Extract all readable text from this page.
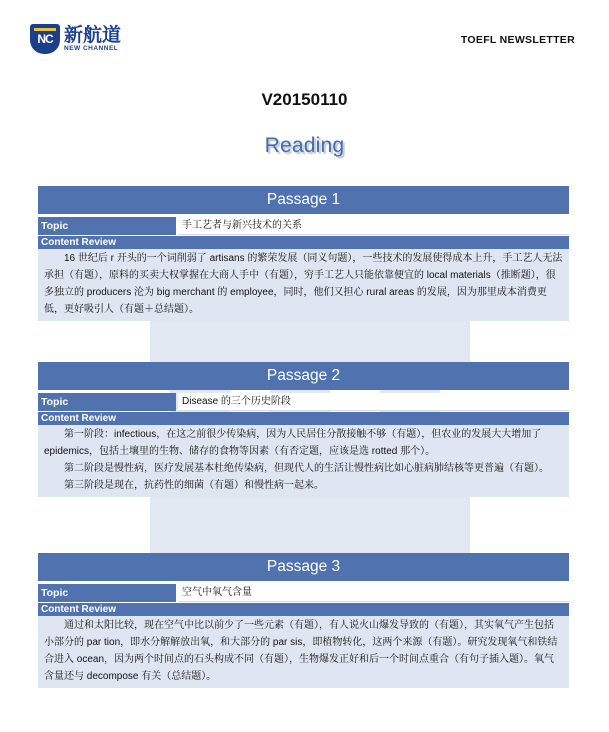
NC 新航道
NEW CHANNEL
TOEFL NEWSLETTER
V20150110
Reading
Passage 1
Topic	手工艺者与新兴技术的关系
Content Review

16 世纪后 r 开头的一个词削弱了 artisans 的繁荣发展（同义句题），一些技术的发展使得成本上升，手工艺人无法承担（有题），原料的买卖大权掌握在大商人手中（有题），穷手工艺人只能依靠便宜的 local materials（推断题），很多独立的 producers 沦为 big merchant 的 employee，同时，他们又担心 rural areas 的发展，因为那里成本消费更低，更好吸引人（有题＋总结题）。

Passage 2
Topic	Disease 的三个历史阶段
Content Review

第一阶段：infectious，在这之前很少传染病，因为人民居住分散接触不够（有题），但农业的发展大大增加了 epidemics，包括土壤里的生物、储存的食物等因素（有否定题，应该是选 rotted 那个）。

第二阶段是慢性病，医疗发展基本杜绝传染病，但现代人的生活让慢性病比如心脏病肺结核等更普遍（有题）。

第三阶段是现在，抗药性的细菌（有题）和慢性病一起来。

Passage 3
Topic	空气中氧气含量
Content Review

通过和太阳比较，现在空气中比以前少了一些元素（有题），有人说火山爆发导致的（有题），其实氧气产生包括小部分的 par tion，即水分解解放出氧，和大部分的 par sis，即植物转化，这两个来源（有题）。研究发现氧气和铁结合进入 ocean，因为两个时间点的石头构成不同（有题），生物爆发正好和后一个时间点重合（有句子插入题）。氧气含量还与 decompose 有关（总结题）。
